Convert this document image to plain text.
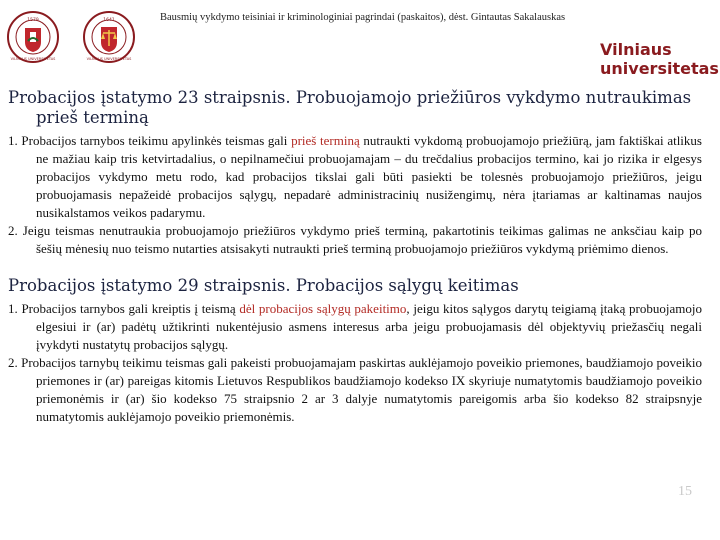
1579
VILNIAUS UNIVERSITETAS
1641
VILNIAUS UNIVERSITETAS
Bausmių vykdymo teisiniai ir kriminologiniai pagrindai (paskaitos), dėst. Gintautas Sakalauskas
Vilniaus
universitetas
Probacijos įstatymo 23 straipsnis. Probuojamojo priežiūros vykdymo nutraukimas
prieš terminą

1. Probacijos tarnybos teikimu apylinkės teismas gali prieš terminą nutraukti vykdomą probuojamojo priežiūrą, jam faktiškai atlikus ne mažiau kaip tris ketvirtadalius, o nepilnamečiui probuojamajam – du trečdalius probacijos termino, kai jo rizika ir elgesys probacijos vykdymo metu rodo, kad probacijos tikslai gali būti pasiekti be tolesnės probuojamojo priežiūros, jeigu probuojamasis nepažeidė probacijos sąlygų, nepadarė administracinių nusižengimų, nėra įtariamas ar kaltinamas naujos nusikalstamos veikos padarymu.

2. Jeigu teismas nenutraukia probuojamojo priežiūros vykdymo prieš terminą, pakartotinis teikimas galimas ne anksčiau kaip po šešių mėnesių nuo teismo nutarties atsisakyti nutraukti prieš terminą probuojamojo priežiūros vykdymą priėmimo dienos.

Probacijos įstatymo 29 straipsnis. Probacijos sąlygų keitimas

1. Probacijos tarnybos gali kreiptis į teismą dėl probacijos sąlygų pakeitimo, jeigu kitos sąlygos darytų teigiamą įtaką probuojamojo elgesiui ir (ar) padėtų užtikrinti nukentėjusio asmens interesus arba jeigu probuojamasis dėl objektyvių priežasčių negali įvykdyti nustatytų probacijos sąlygų.

2. Probacijos tarnybų teikimu teismas gali pakeisti probuojamajam paskirtas auklėjamojo poveikio priemones, baudžiamojo poveikio priemones ir (ar) pareigas kitomis Lietuvos Respublikos baudžiamojo kodekso IX skyriuje numatytomis baudžiamojo poveikio priemonėmis ir (ar) šio kodekso 75 straipsnio 2 ar 3 dalyje numatytomis pareigomis arba šio kodekso 82 straipsnyje numatytomis auklėjamojo poveikio priemonėmis.

15
